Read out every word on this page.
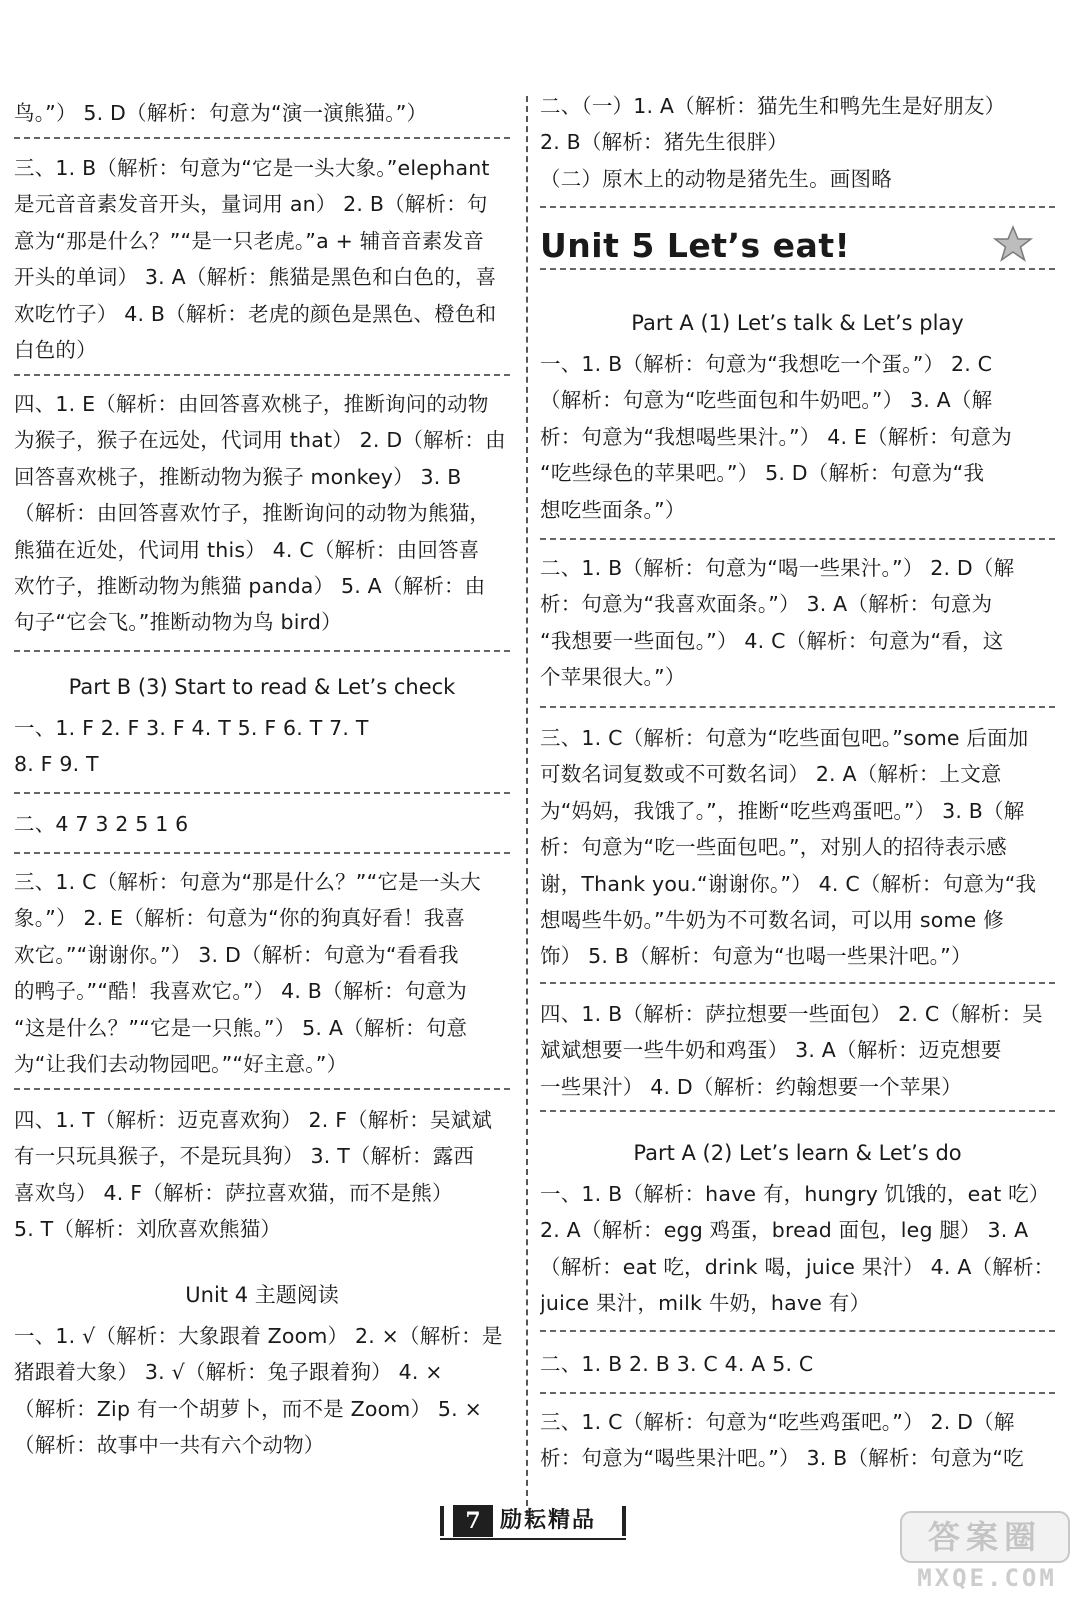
鸟。”） 5. D（解析：句意为“演一演熊猫。”）

三、1. B（解析：句意为“它是一头大象。”elephant

是元音音素发音开头，量词用 an） 2. B（解析：句

意为“那是什么？”“是一只老虎。”a + 辅音音素发音

开头的单词） 3. A（解析：熊猫是黑色和白色的，喜

欢吃竹子） 4. B（解析：老虎的颜色是黑色、橙色和

白色的）

四、1. E（解析：由回答喜欢桃子，推断询问的动物

为猴子，猴子在远处，代词用 that） 2. D（解析：由

回答喜欢桃子，推断动物为猴子 monkey） 3. B

（解析：由回答喜欢竹子，推断询问的动物为熊猫，

熊猫在近处，代词用 this） 4. C（解析：由回答喜

欢竹子，推断动物为熊猫 panda） 5. A（解析：由

句子“它会飞。”推断动物为鸟 bird）

Part B (3) Start to read & Let’s check

一、1. F 2. F 3. F 4. T 5. F 6. T 7. T

8. F 9. T

二、4 7 3 2 5 1 6

三、1. C（解析：句意为“那是什么？”“它是一头大

象。”） 2. E（解析：句意为“你的狗真好看！我喜

欢它。”“谢谢你。”） 3. D（解析：句意为“看看我

的鸭子。”“酷！我喜欢它。”） 4. B（解析：句意为

“这是什么？”“它是一只熊。”） 5. A（解析：句意

为“让我们去动物园吧。”“好主意。”）

四、1. T（解析：迈克喜欢狗） 2. F（解析：吴斌斌

有一只玩具猴子，不是玩具狗） 3. T（解析：露西

喜欢鸟） 4. F（解析：萨拉喜欢猫，而不是熊）

5. T（解析：刘欣喜欢熊猫）

Unit 4 主题阅读

一、1. √（解析：大象跟着 Zoom） 2. ×（解析：是

猪跟着大象） 3. √（解析：兔子跟着狗） 4. ×

（解析：Zip 有一个胡萝卜，而不是 Zoom） 5. ×

（解析：故事中一共有六个动物）

二、（一）1. A（解析：猫先生和鸭先生是好朋友）

2. B（解析：猪先生很胖）

（二）原木上的动物是猪先生。画图略

Unit 5 Let’s eat!
Part A (1) Let’s talk & Let’s play

一、1. B（解析：句意为“我想吃一个蛋。”） 2. C

（解析：句意为“吃些面包和牛奶吧。”） 3. A（解

析：句意为“我想喝些果汁。”） 4. E（解析：句意为

“吃些绿色的苹果吧。”） 5. D（解析：句意为“我

想吃些面条。”）

二、1. B（解析：句意为“喝一些果汁。”） 2. D（解

析：句意为“我喜欢面条。”） 3. A（解析：句意为

“我想要一些面包。”） 4. C（解析：句意为“看，这

个苹果很大。”）

三、1. C（解析：句意为“吃些面包吧。”some 后面加

可数名词复数或不可数名词） 2. A（解析：上文意

为“妈妈，我饿了。”，推断“吃些鸡蛋吧。”） 3. B（解

析：句意为“吃一些面包吧。”，对别人的招待表示感

谢，Thank you.“谢谢你。”） 4. C（解析：句意为“我

想喝些牛奶。”牛奶为不可数名词，可以用 some 修

饰） 5. B（解析：句意为“也喝一些果汁吧。”）

四、1. B（解析：萨拉想要一些面包） 2. C（解析：吴

斌斌想要一些牛奶和鸡蛋） 3. A（解析：迈克想要

一些果汁） 4. D（解析：约翰想要一个苹果）

Part A (2) Let’s learn & Let’s do

一、1. B（解析：have 有，hungry 饥饿的，eat 吃）

2. A（解析：egg 鸡蛋，bread 面包，leg 腿） 3. A

（解析：eat 吃，drink 喝，juice 果汁） 4. A（解析：

juice 果汁，milk 牛奶，have 有）

二、1. B 2. B 3. C 4. A 5. C

三、1. C（解析：句意为“吃些鸡蛋吧。”） 2. D（解

析：句意为“喝些果汁吧。”） 3. B（解析：句意为“吃

7 励耘精品	答案圈
MXQE.COM
